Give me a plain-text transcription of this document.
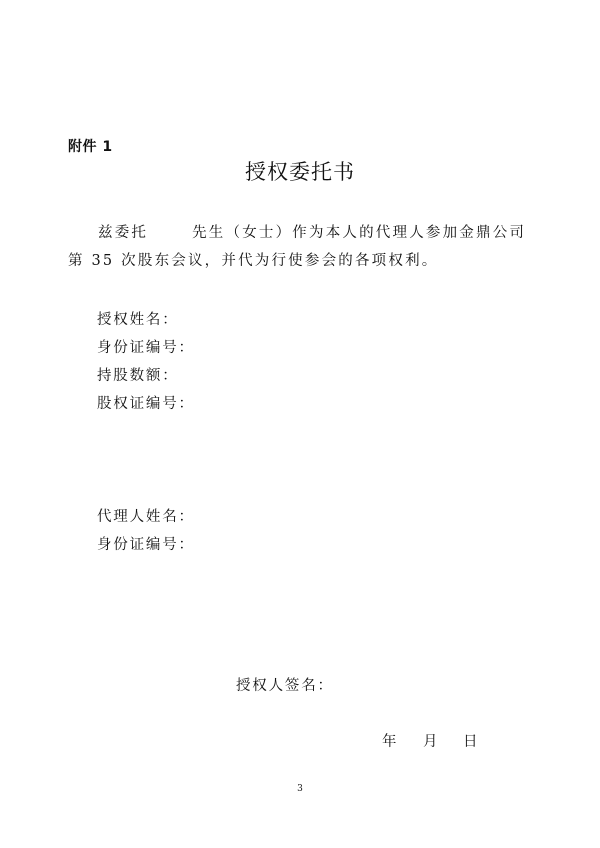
附件 1
授权委托书
兹委托	先生（女士）作为本人的代理人参加金鼎公司
第 35 次股东会议，并代为行使参会的各项权利。
授权姓名：
身份证编号：
持股数额：
股权证编号：
代理人姓名：
身份证编号：
授权人签名：
年 月 日
3
